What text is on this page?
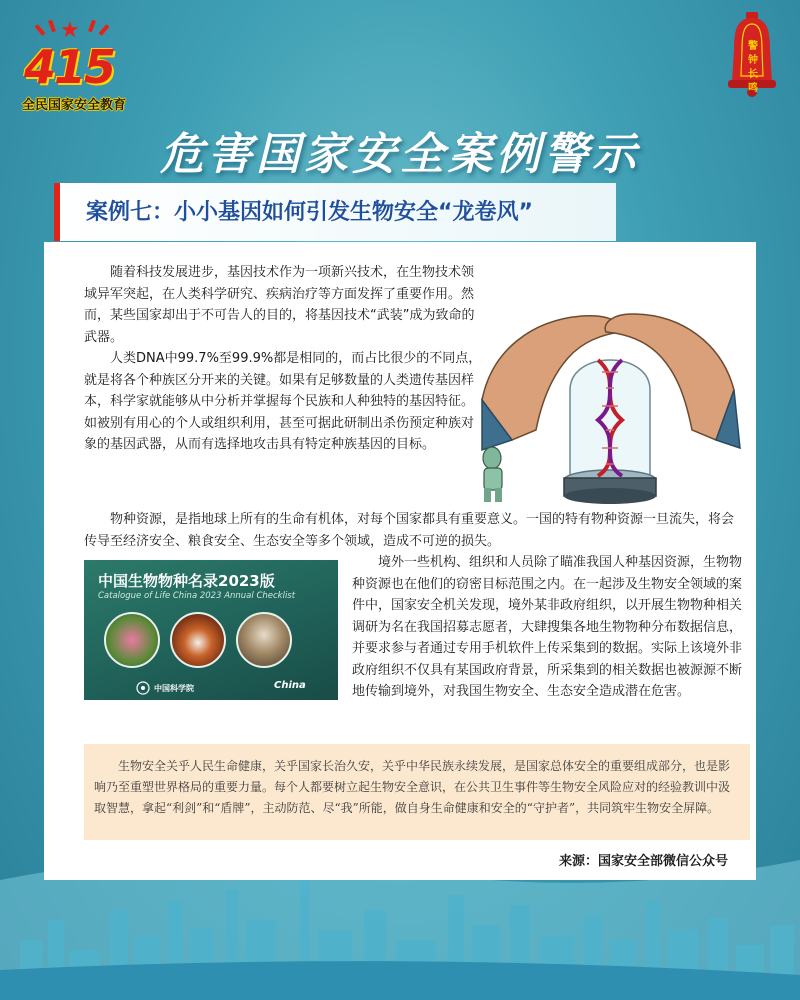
★
415
全民国家安全教育
警钟长鸣
危害国家安全案例警示
案例七：小小基因如何引发生物安全“龙卷风”

随着科技发展进步，基因技术作为一项新兴技术，在生物技术领域异军突起，在人类科学研究、疾病治疗等方面发挥了重要作用。然而，某些国家却出于不可告人的目的，将基因技术“武装”成为致命的武器。

人类DNA中99.7%至99.9%都是相同的，而占比很少的不同点，就是将各个种族区分开来的关键。如果有足够数量的人类遗传基因样本，科学家就能够从中分析并掌握每个民族和人种独特的基因特征。如被别有用心的个人或组织利用，甚至可据此研制出杀伤预定种族对象的基因武器，从而有选择地攻击具有特定种族基因的目标。

物种资源，是指地球上所有的生命有机体，对每个国家都具有重要意义。一国的特有物种资源一旦流失，将会传导至经济安全、粮食安全、生态安全等多个领域，造成不可逆的损失。

中国生物物种名录2023版
Catalogue of Life China 2023 Annual Checklist
中国科学院	China

境外一些机构、组织和人员除了瞄准我国人种基因资源，生物物种资源也在他们的窃密目标范围之内。在一起涉及生物安全领域的案件中，国家安全机关发现，境外某非政府组织，以开展生物物种相关调研为名在我国招募志愿者，大肆搜集各地生物物种分布数据信息，并要求参与者通过专用手机软件上传采集到的数据。实际上该境外非政府组织不仅具有某国政府背景，所采集到的相关数据也被源源不断地传输到境外，对我国生物安全、生态安全造成潜在危害。

生物安全关乎人民生命健康，关乎国家长治久安，关乎中华民族永续发展，是国家总体安全的重要组成部分，也是影响乃至重塑世界格局的重要力量。每个人都要树立起生物安全意识，在公共卫生事件等生物安全风险应对的经验教训中汲取智慧，拿起“利剑”和“盾牌”，主动防范、尽“我”所能，做自身生命健康和安全的“守护者”，共同筑牢生物安全屏障。

来源：国家安全部微信公众号
